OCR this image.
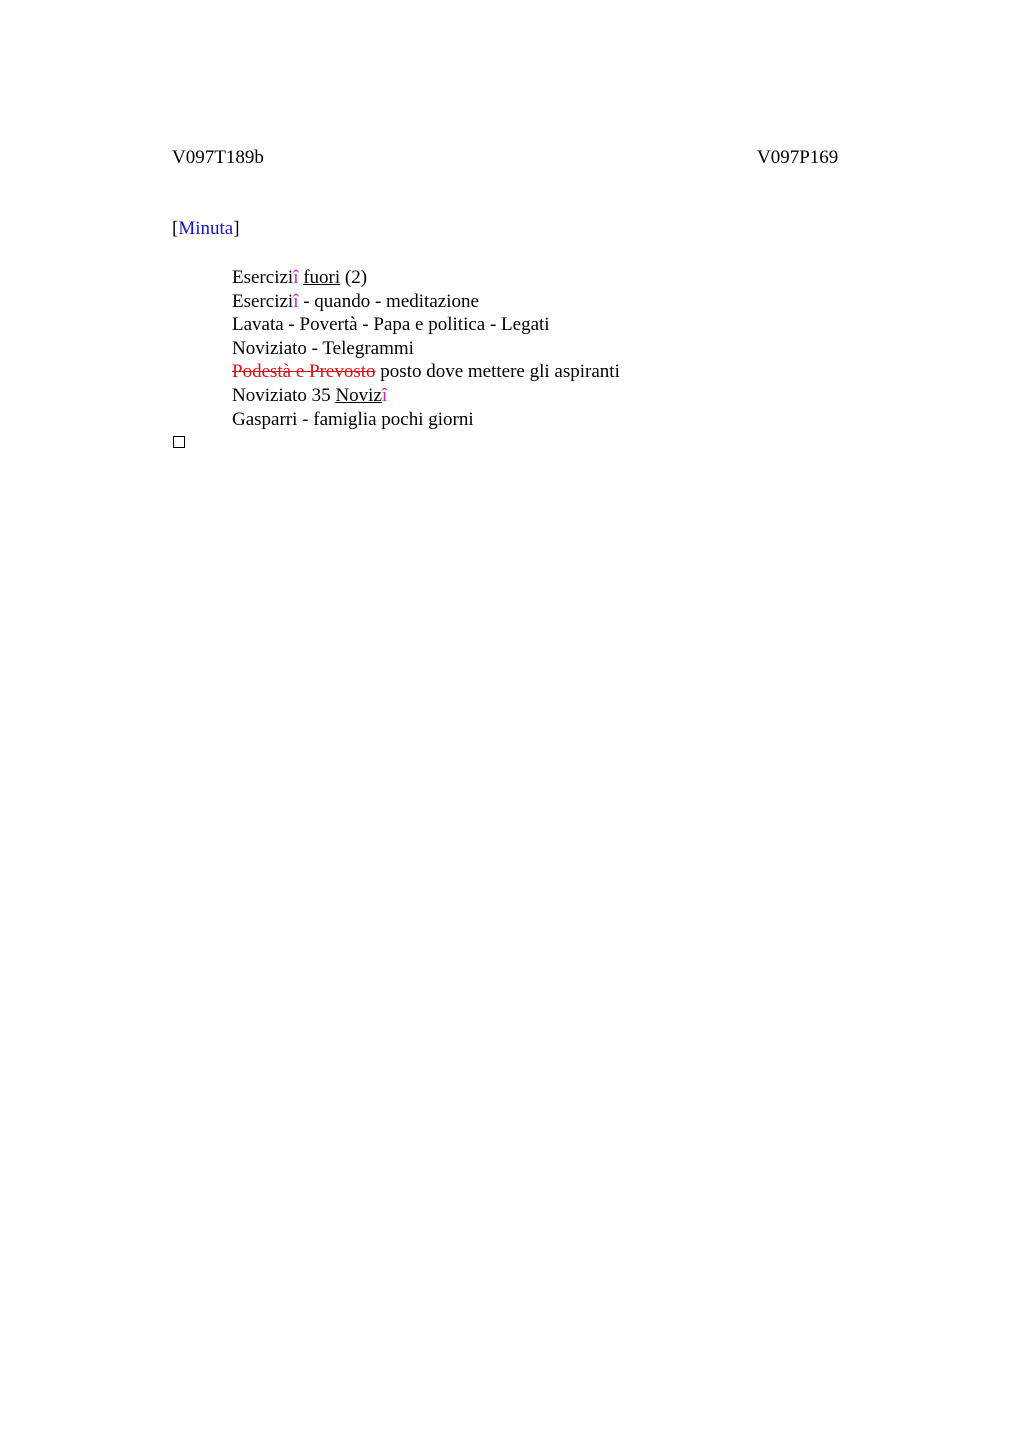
V097T189b	V097P169
[Minuta]
Eserciziî fuori (2)
Eserciziî - quando - meditazione
Lavata - Povertà - Papa e politica - Legati
Noviziato - Telegrammi
Podestà e Prevosto posto dove mettere gli aspiranti
Noviziato 35 Novizî
Gasparri - famiglia pochi giorni
